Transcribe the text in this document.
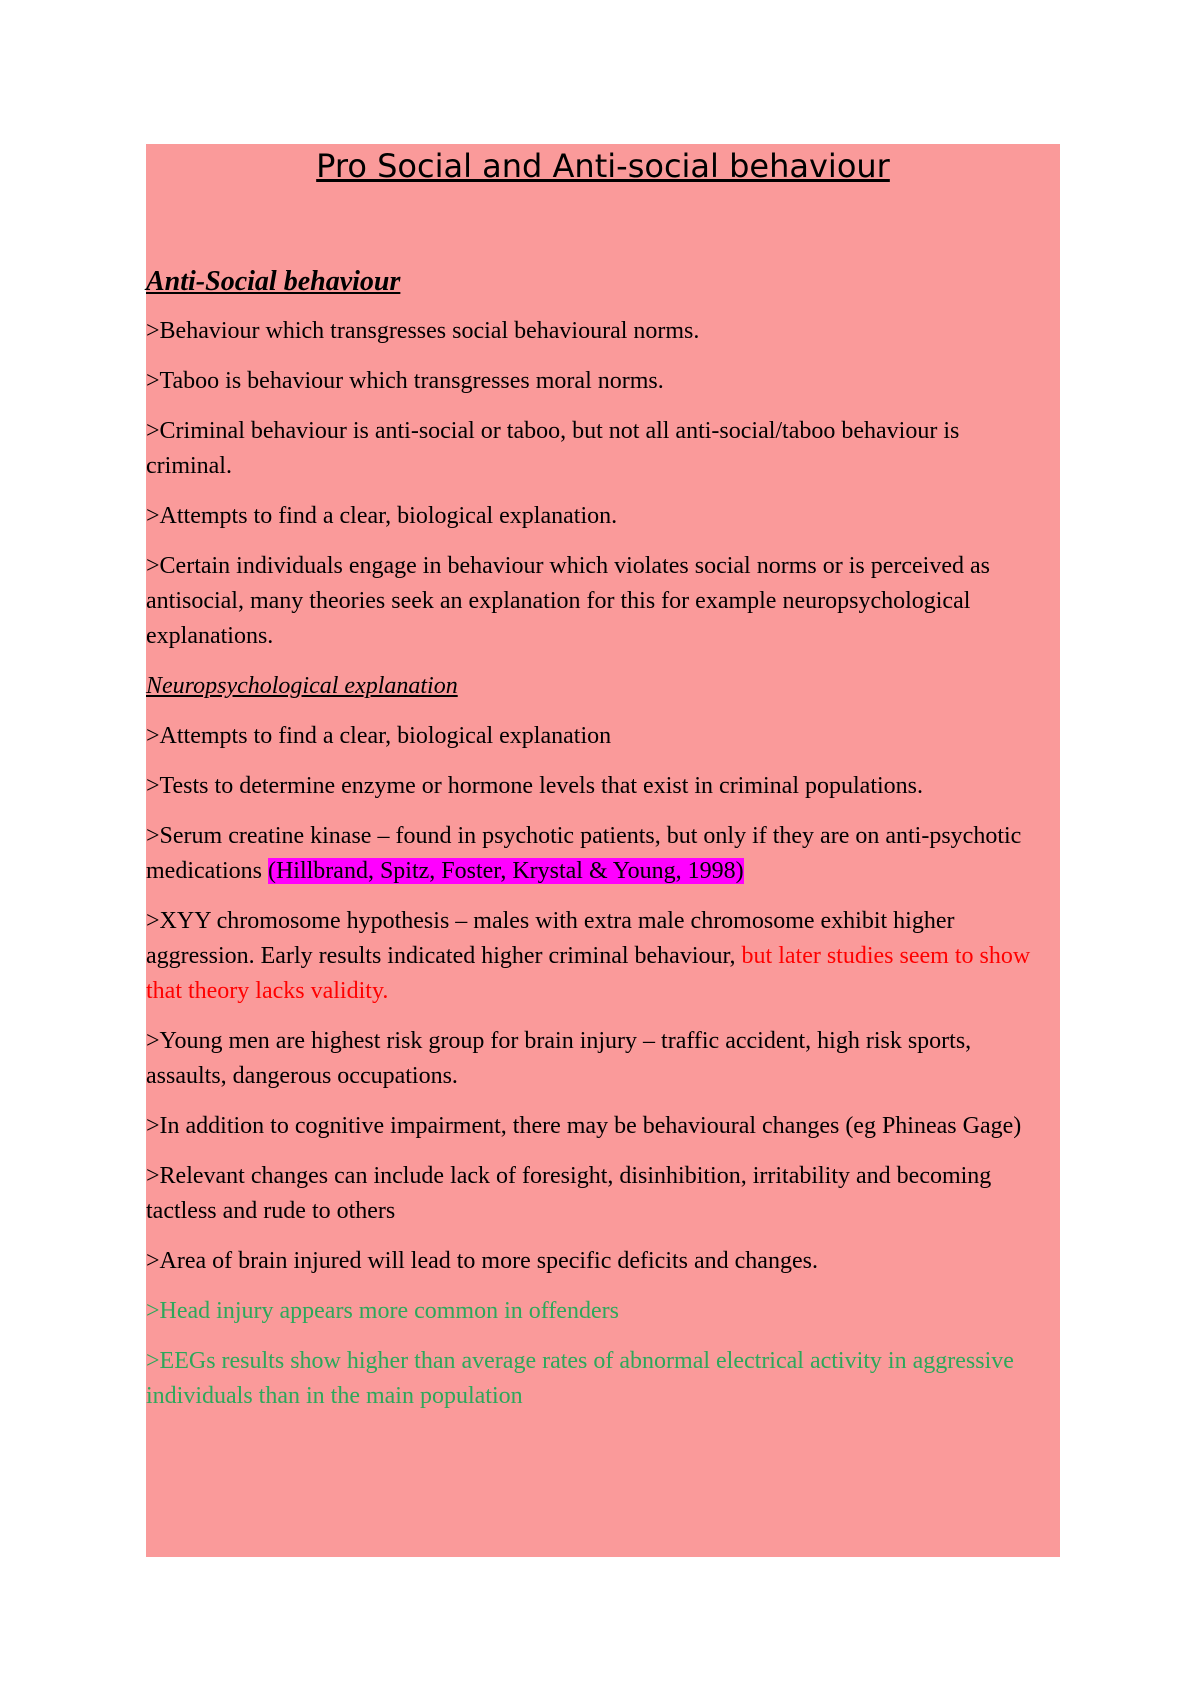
Pro Social and Anti-social behaviour
Anti-Social behaviour

>Behaviour which transgresses social behavioural norms.

>Taboo is behaviour which transgresses moral norms.

>Criminal behaviour is anti-social or taboo, but not all anti-social/taboo behaviour is criminal.

>Attempts to find a clear, biological explanation.

>Certain individuals engage in behaviour which violates social norms or is perceived as antisocial, many theories seek an explanation for this for example neuropsychological explanations.

Neuropsychological explanation

>Attempts to find a clear, biological explanation

>Tests to determine enzyme or hormone levels that exist in criminal populations.

>Serum creatine kinase – found in psychotic patients, but only if they are on anti-psychotic medications (Hillbrand, Spitz, Foster, Krystal & Young, 1998)

>XYY chromosome hypothesis – males with extra male chromosome exhibit higher aggression. Early results indicated higher criminal behaviour, but later studies seem to show that theory lacks validity.

>Young men are highest risk group for brain injury – traffic accident, high risk sports, assaults, dangerous occupations.

>In addition to cognitive impairment, there may be behavioural changes (eg Phineas Gage)

>Relevant changes can include lack of foresight, disinhibition, irritability and becoming tactless and rude to others

>Area of brain injured will lead to more specific deficits and changes.

>Head injury appears more common in offenders

>EEGs results show higher than average rates of abnormal electrical activity in aggressive individuals than in the main population
